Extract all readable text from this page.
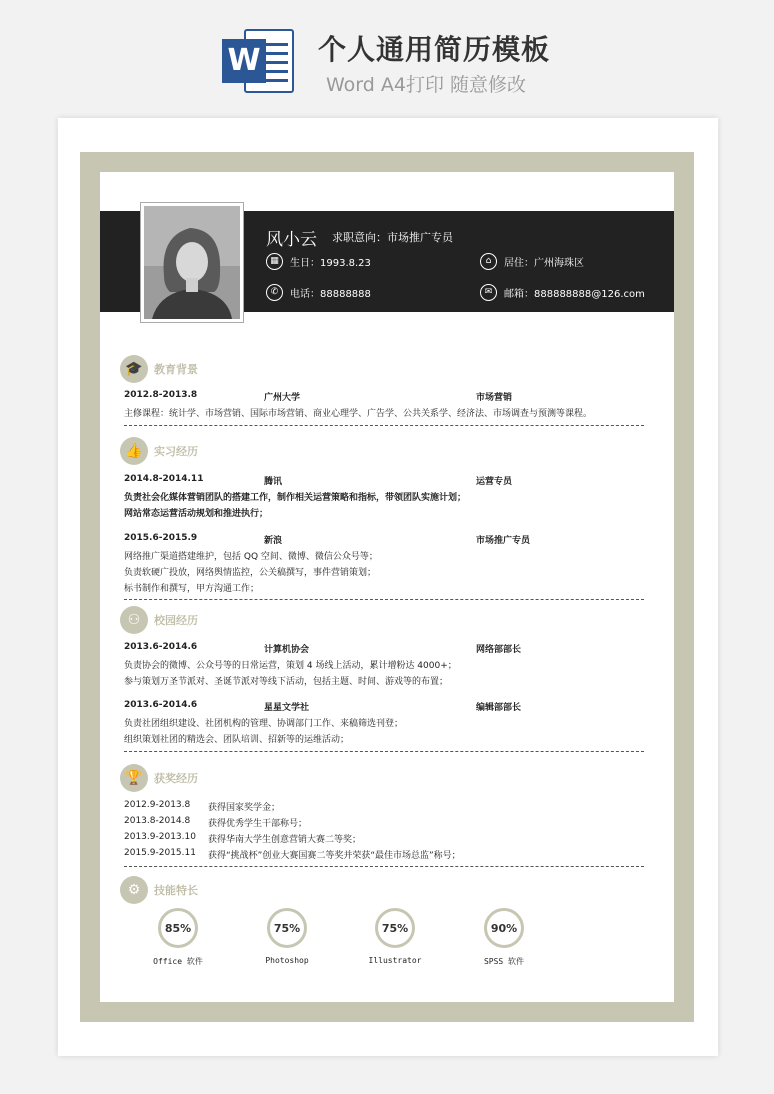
W 个人通用简历模板
Word A4打印 随意修改
风小云 求职意向：市场推广专员
▦	生日：1993.8.23	⌂	居住：广州海珠区
✆	电话：88888888	✉	邮箱：888888888@126.com
🎓	教育背景
2012.8-2013.8	广州大学	市场营销
主修课程：统计学、市场营销、国际市场营销、商业心理学、广告学、公共关系学、经济法、市场调查与预测等课程。
👍	实习经历
2014.8-2014.11	腾讯	运营专员
负责社会化媒体营销团队的搭建工作，制作相关运营策略和指标，带领团队实施计划；
网站常态运营活动规划和推进执行；
2015.6-2015.9	新浪	市场推广专员
网络推广渠道搭建维护，包括 QQ 空间、微博、微信公众号等；
负责软硬广投放，网络舆情监控，公关稿撰写，事件营销策划；
标书制作和撰写，甲方沟通工作；
⚇	校园经历
2013.6-2014.6	计算机协会	网络部部长
负责协会的微博、公众号等的日常运营，策划 4 场线上活动，累计增粉达 4000+；
参与策划万圣节派对、圣诞节派对等线下活动，包括主题、时间、游戏等的布置；
2013.6-2014.6	星星文学社	编辑部部长
负责社团组织建设、社团机构的管理、协调部门工作、来稿筛选刊登；
组织策划社团的精选会、团队培训、招新等的运维活动；
🏆	获奖经历
2012.9-2013.8 获得国家奖学金；
2013.8-2014.8 获得优秀学生干部称号；
2013.9-2013.10 获得华南大学生创意营销大赛二等奖；
2015.9-2015.11 获得“挑战杯”创业大赛国赛二等奖并荣获“最佳市场总监”称号；
⚙	技能特长
85%
Office 软件
75%
Photoshop
75%
Illustrator
90%
SPSS 软件
